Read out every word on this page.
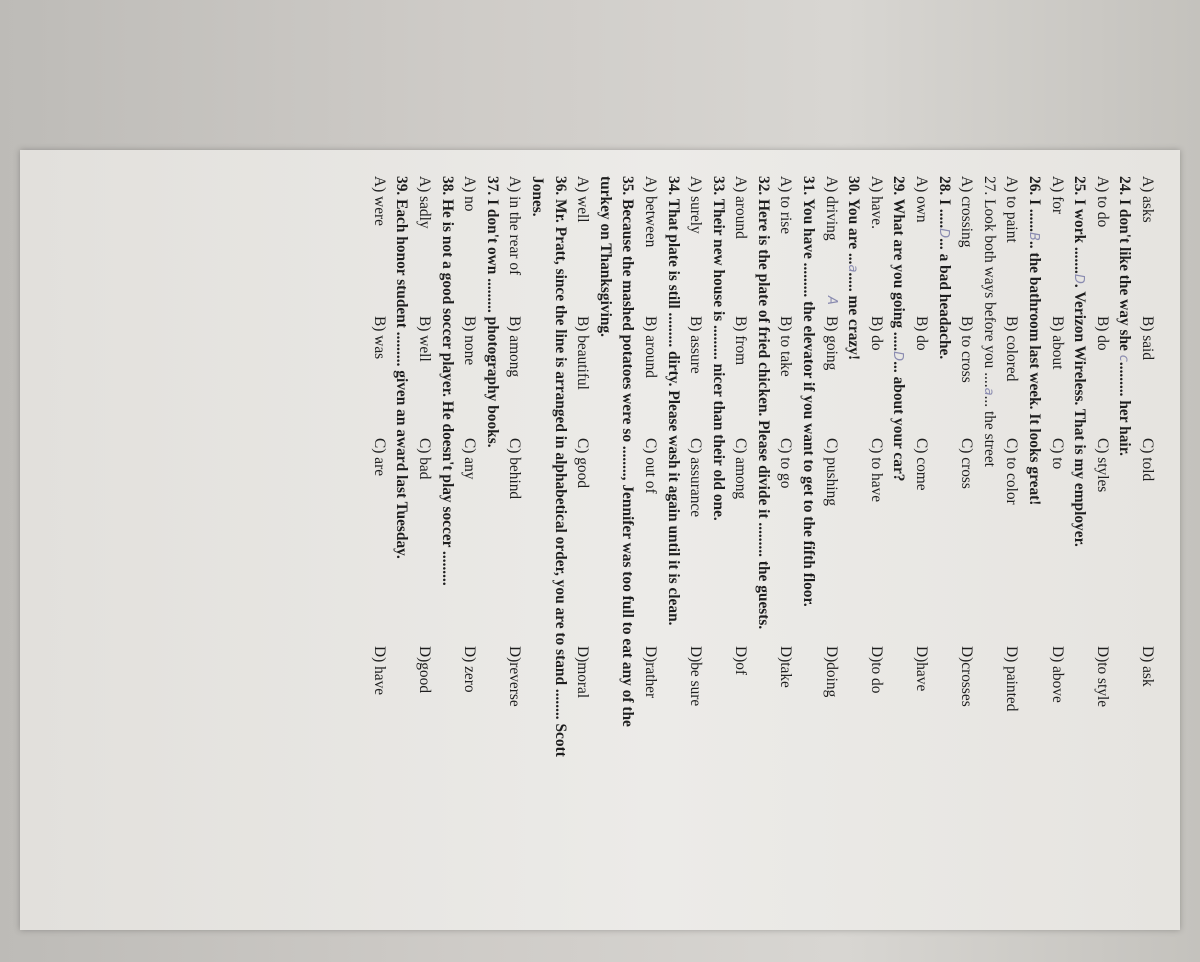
A) asks
B) said
C) told
D) ask
24. I don't like the way she c......... her hair.
A) to do
B) do
C) styles
D)to style
25. I work .......D. Verizon Wireless. That is my employer.
A) for
B) about
C) to
D) above
26. I ......B.. the bathroom last week. It looks great!
A) to paint
B) colored
C) to color
D) painted
27. Look both ways before you ....a... the street
A) crossing
B) to cross
C) cross
D)crosses
28. I .....D... a bad headache.
A) own
B) do
C) come
D)have
29. What are you going .....D... about your car?
A) have.
B) do
C) to have
D)to do
30. You are ...a..... me crazy!
A) driving
B) going
C) pushing
D)doing
A
31. You have ......... the elevator if you want to get to the fifth floor.
A) to rise
B) to take
C) to go
D)take
32. Here is the plate of fried chicken. Please divide it ......... the guests.
A) around
B) from
C) among
D)of
33. Their new house is ......... nicer than their old one.
A) surely
B) assure
C) assurance
D)be sure
34. That plate is still ......... dirty. Please wash it again until it is clean.
A) between
B) around
C) out of
D)rather
35. Because the mashed potatoes were so ........, Jennifer was too full to eat any of the
turkey on Thanksgiving.
A) well
B) beautiful
C) good
D)moral
36. Mr. Pratt, since the line is arranged in alphabetical order, you are to stand ........ Scott
Jones.
A) in the rear of
B) among
C) behind
D)reverse
37. I don't own ......... photography books.
A) no
B) none
C) any
D) zero
38. He is not a good soccer player. He doesn't play soccer .........
A) sadly
B) well
C) bad
D)good
39. Each honor student ......... given an award last Tuesday.
A) were
B) was
C) are
D) have
